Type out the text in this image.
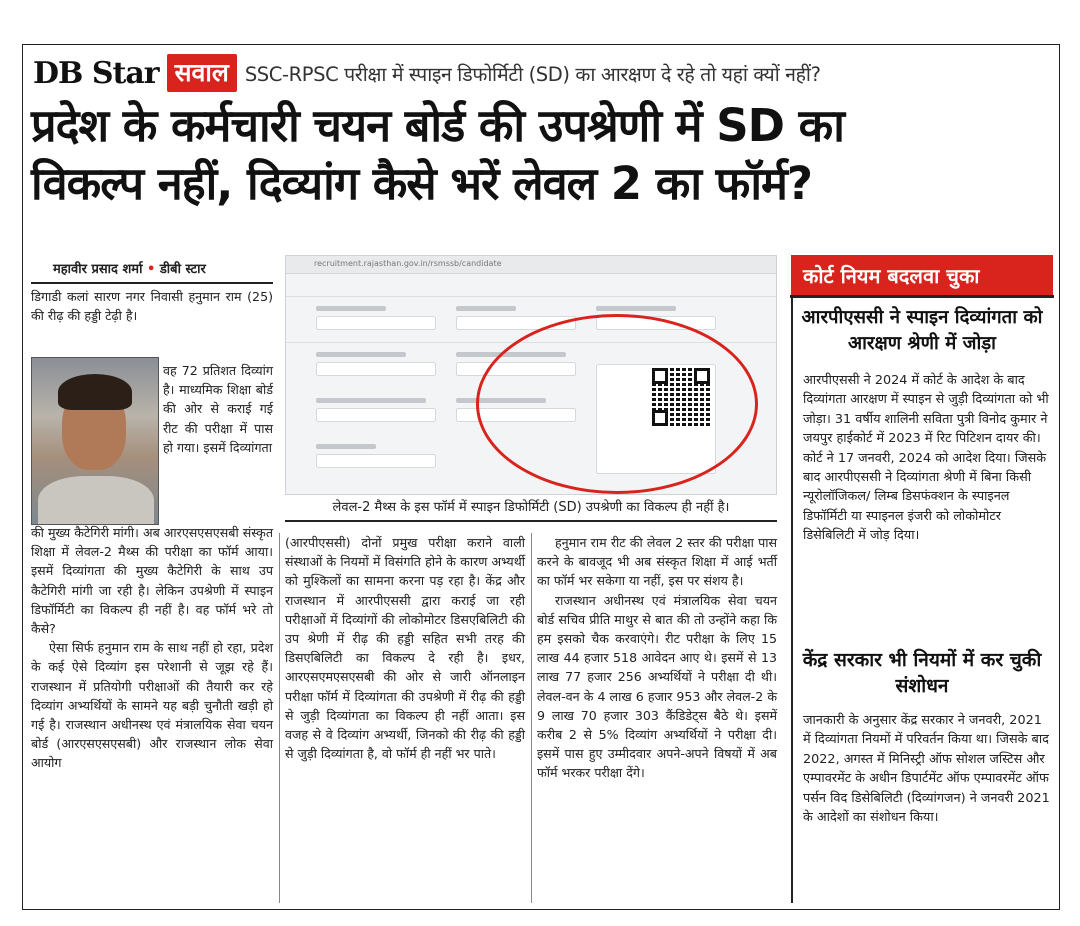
DB Star सवाल SSC-RPSC परीक्षा में स्पाइन डिफोर्मिटी (SD) का आरक्षण दे रहे तो यहां क्यों नहीं?
प्रदेश के कर्मचारी चयन बोर्ड की उपश्रेणी में SD का
विकल्प नहीं, दिव्यांग कैसे भरें लेवल 2 का फॉर्म?
महावीर प्रसाद शर्मा • डीबी स्टार
डिगाडी कलां सारण नगर निवासी हनुमान राम (25) की रीढ़ की हड्डी टेढ़ी है।
वह 72 प्रतिशत दिव्यांग है। माध्यमिक शिक्षा बोर्ड की ओर से कराई गई रीट की परीक्षा में पास हो गया। इसमें दिव्यांगता

की मुख्य कैटेगिरी मांगी। अब आरएसएसएसबी संस्कृत शिक्षा में लेवल-2 मैथ्स की परीक्षा का फॉर्म आया। इसमें दिव्यांगता की मुख्य कैटेगिरी के साथ उप कैटेगिरी मांगी जा रही है। लेकिन उपश्रेणी में स्पाइन डिफॉर्मिटी का विकल्प ही नहीं है। वह फॉर्म भरे तो कैसे?

ऐसा सिर्फ हनुमान राम के साथ नहीं हो रहा, प्रदेश के कई ऐसे दिव्यांग इस परेशानी से जूझ रहे हैं। राजस्थान में प्रतियोगी परीक्षाओं की तैयारी कर रहे दिव्यांग अभ्यर्थियों के सामने यह बड़ी चुनौती खड़ी हो गई है। राजस्थान अधीनस्थ एवं मंत्रालयिक सेवा चयन बोर्ड (आरएसएसएसबी) और राजस्थान लोक सेवा आयोग

recruitment.rajasthan.gov.in/rsmssb/candidate
लेवल-2 मैथ्स के इस फॉर्म में स्पाइन डिफोर्मिटी (SD) उपश्रेणी का विकल्प ही नहीं है।
(आरपीएससी) दोनों प्रमुख परीक्षा कराने वाली संस्थाओं के नियमों में विसंगति होने के कारण अभ्यर्थी को मुश्किलों का सामना करना पड़ रहा है। केंद्र और राजस्थान में आरपीएससी द्वारा कराई जा रही परीक्षाओं में दिव्यांगों की लोकोमोटर डिसएबिलिटी की उप श्रेणी में रीढ़ की हड्डी सहित सभी तरह की डिसएबिलिटी का विकल्प दे रही है। इधर, आरएसएमएसएसबी की ओर से जारी ऑनलाइन परीक्षा फॉर्म में दिव्यांगता की उपश्रेणी में रीढ़ की हड्डी से जुड़ी दिव्यांगता का विकल्प ही नहीं आता। इस वजह से वे दिव्यांग अभ्यर्थी, जिनको की रीढ़ की हड्डी से जुड़ी दिव्यांगता है, वो फॉर्म ही नहीं भर पाते।

हनुमान राम रीट की लेवल 2 स्तर की परीक्षा पास करने के बावजूद भी अब संस्कृत शिक्षा में आई भर्ती का फॉर्म भर सकेगा या नहीं, इस पर संशय है।

राजस्थान अधीनस्थ एवं मंत्रालयिक सेवा चयन बोर्ड सचिव प्रीति माथुर से बात की तो उन्होंने कहा कि हम इसको चैक करवाएंगे। रीट परीक्षा के लिए 15 लाख 44 हजार 518 आवेदन आए थे। इसमें से 13 लाख 77 हजार 256 अभ्यर्थियों ने परीक्षा दी थी। लेवल-वन के 4 लाख 6 हजार 953 और लेवल-2 के 9 लाख 70 हजार 303 कैंडिडेट्स बैठे थे। इसमें करीब 2 से 5% दिव्यांग अभ्यर्थियों ने परीक्षा दी। इसमें पास हुए उम्मीदवार अपने-अपने विषयों में अब फॉर्म भरकर परीक्षा देंगे।

कोर्ट नियम बदलवा चुका
आरपीएससी ने स्पाइन दिव्यांगता को आरक्षण श्रेणी में जोड़ा
आरपीएससी ने 2024 में कोर्ट के आदेश के बाद दिव्यांगता आरक्षण में स्पाइन से जुड़ी दिव्यांगता को भी जोड़ा। 31 वर्षीय शालिनी सविता पुत्री विनोद कुमार ने जयपुर हाईकोर्ट में 2023 में रिट पिटिशन दायर की। कोर्ट ने 17 जनवरी, 2024 को आदेश दिया। जिसके बाद आरपीएससी ने दिव्यांगता श्रेणी में बिना किसी न्यूरोलॉजिकल/ लिम्ब डिसफंक्शन के स्पाइनल डिफॉर्मिटी या स्पाइनल इंजरी को लोकोमोटर डिसेबिलिटी में जोड़ दिया।
केंद्र सरकार भी नियमों में कर चुकी संशोधन
जानकारी के अनुसार केंद्र सरकार ने जनवरी, 2021 में दिव्यांगता नियमों में परिवर्तन किया था। जिसके बाद 2022, अगस्त में मिनिस्ट्री ऑफ सोशल जस्टिस और एम्पावरमेंट के अधीन डिपार्टमेंट ऑफ एम्पावरमेंट ऑफ पर्सन विद डिसेबिलिटी (दिव्यांगजन) ने जनवरी 2021 के आदेशों का संशोधन किया।
